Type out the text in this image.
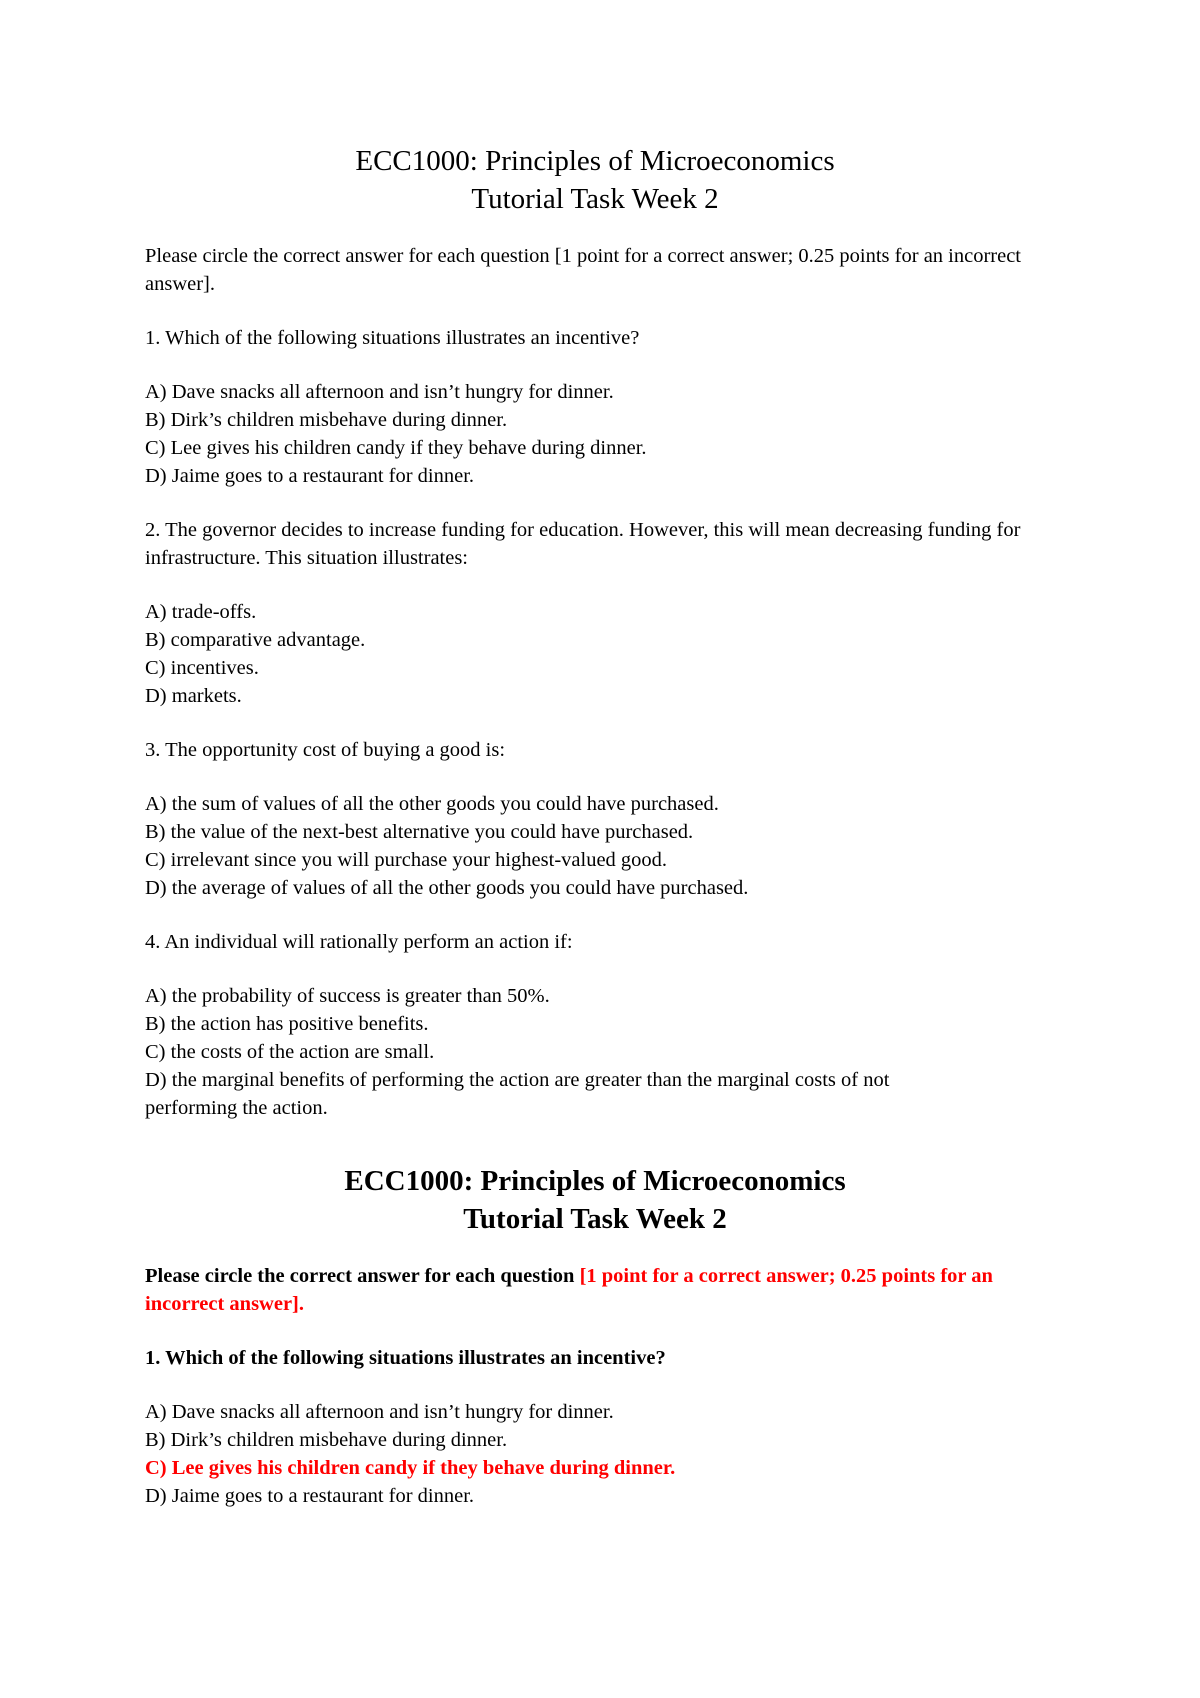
ECC1000: Principles of Microeconomics

Tutorial Task Week 2

Please circle the correct answer for each question [1 point for a correct answer; 0.25 points for an incorrect answer].

1. Which of the following situations illustrates an incentive?

A) Dave snacks all afternoon and isn’t hungry for dinner.
B) Dirk’s children misbehave during dinner.
C) Lee gives his children candy if they behave during dinner.
D) Jaime goes to a restaurant for dinner.

2. The governor decides to increase funding for education. However, this will mean decreasing funding for infrastructure. This situation illustrates:

A) trade-offs.
B) comparative advantage.
C) incentives.
D) markets.

3. The opportunity cost of buying a good is:

A) the sum of values of all the other goods you could have purchased.
B) the value of the next-best alternative you could have purchased.
C) irrelevant since you will purchase your highest-valued good.
D) the average of values of all the other goods you could have purchased.

4. An individual will rationally perform an action if:

A) the probability of success is greater than 50%.
B) the action has positive benefits.
C) the costs of the action are small.
D) the marginal benefits of performing the action are greater than the marginal costs of not performing the action.

ECC1000: Principles of Microeconomics

Tutorial Task Week 2

Please circle the correct answer for each question [1 point for a correct answer; 0.25 points for an incorrect answer].

1. Which of the following situations illustrates an incentive?

A) Dave snacks all afternoon and isn’t hungry for dinner.
B) Dirk’s children misbehave during dinner.
C) Lee gives his children candy if they behave during dinner.
D) Jaime goes to a restaurant for dinner.
